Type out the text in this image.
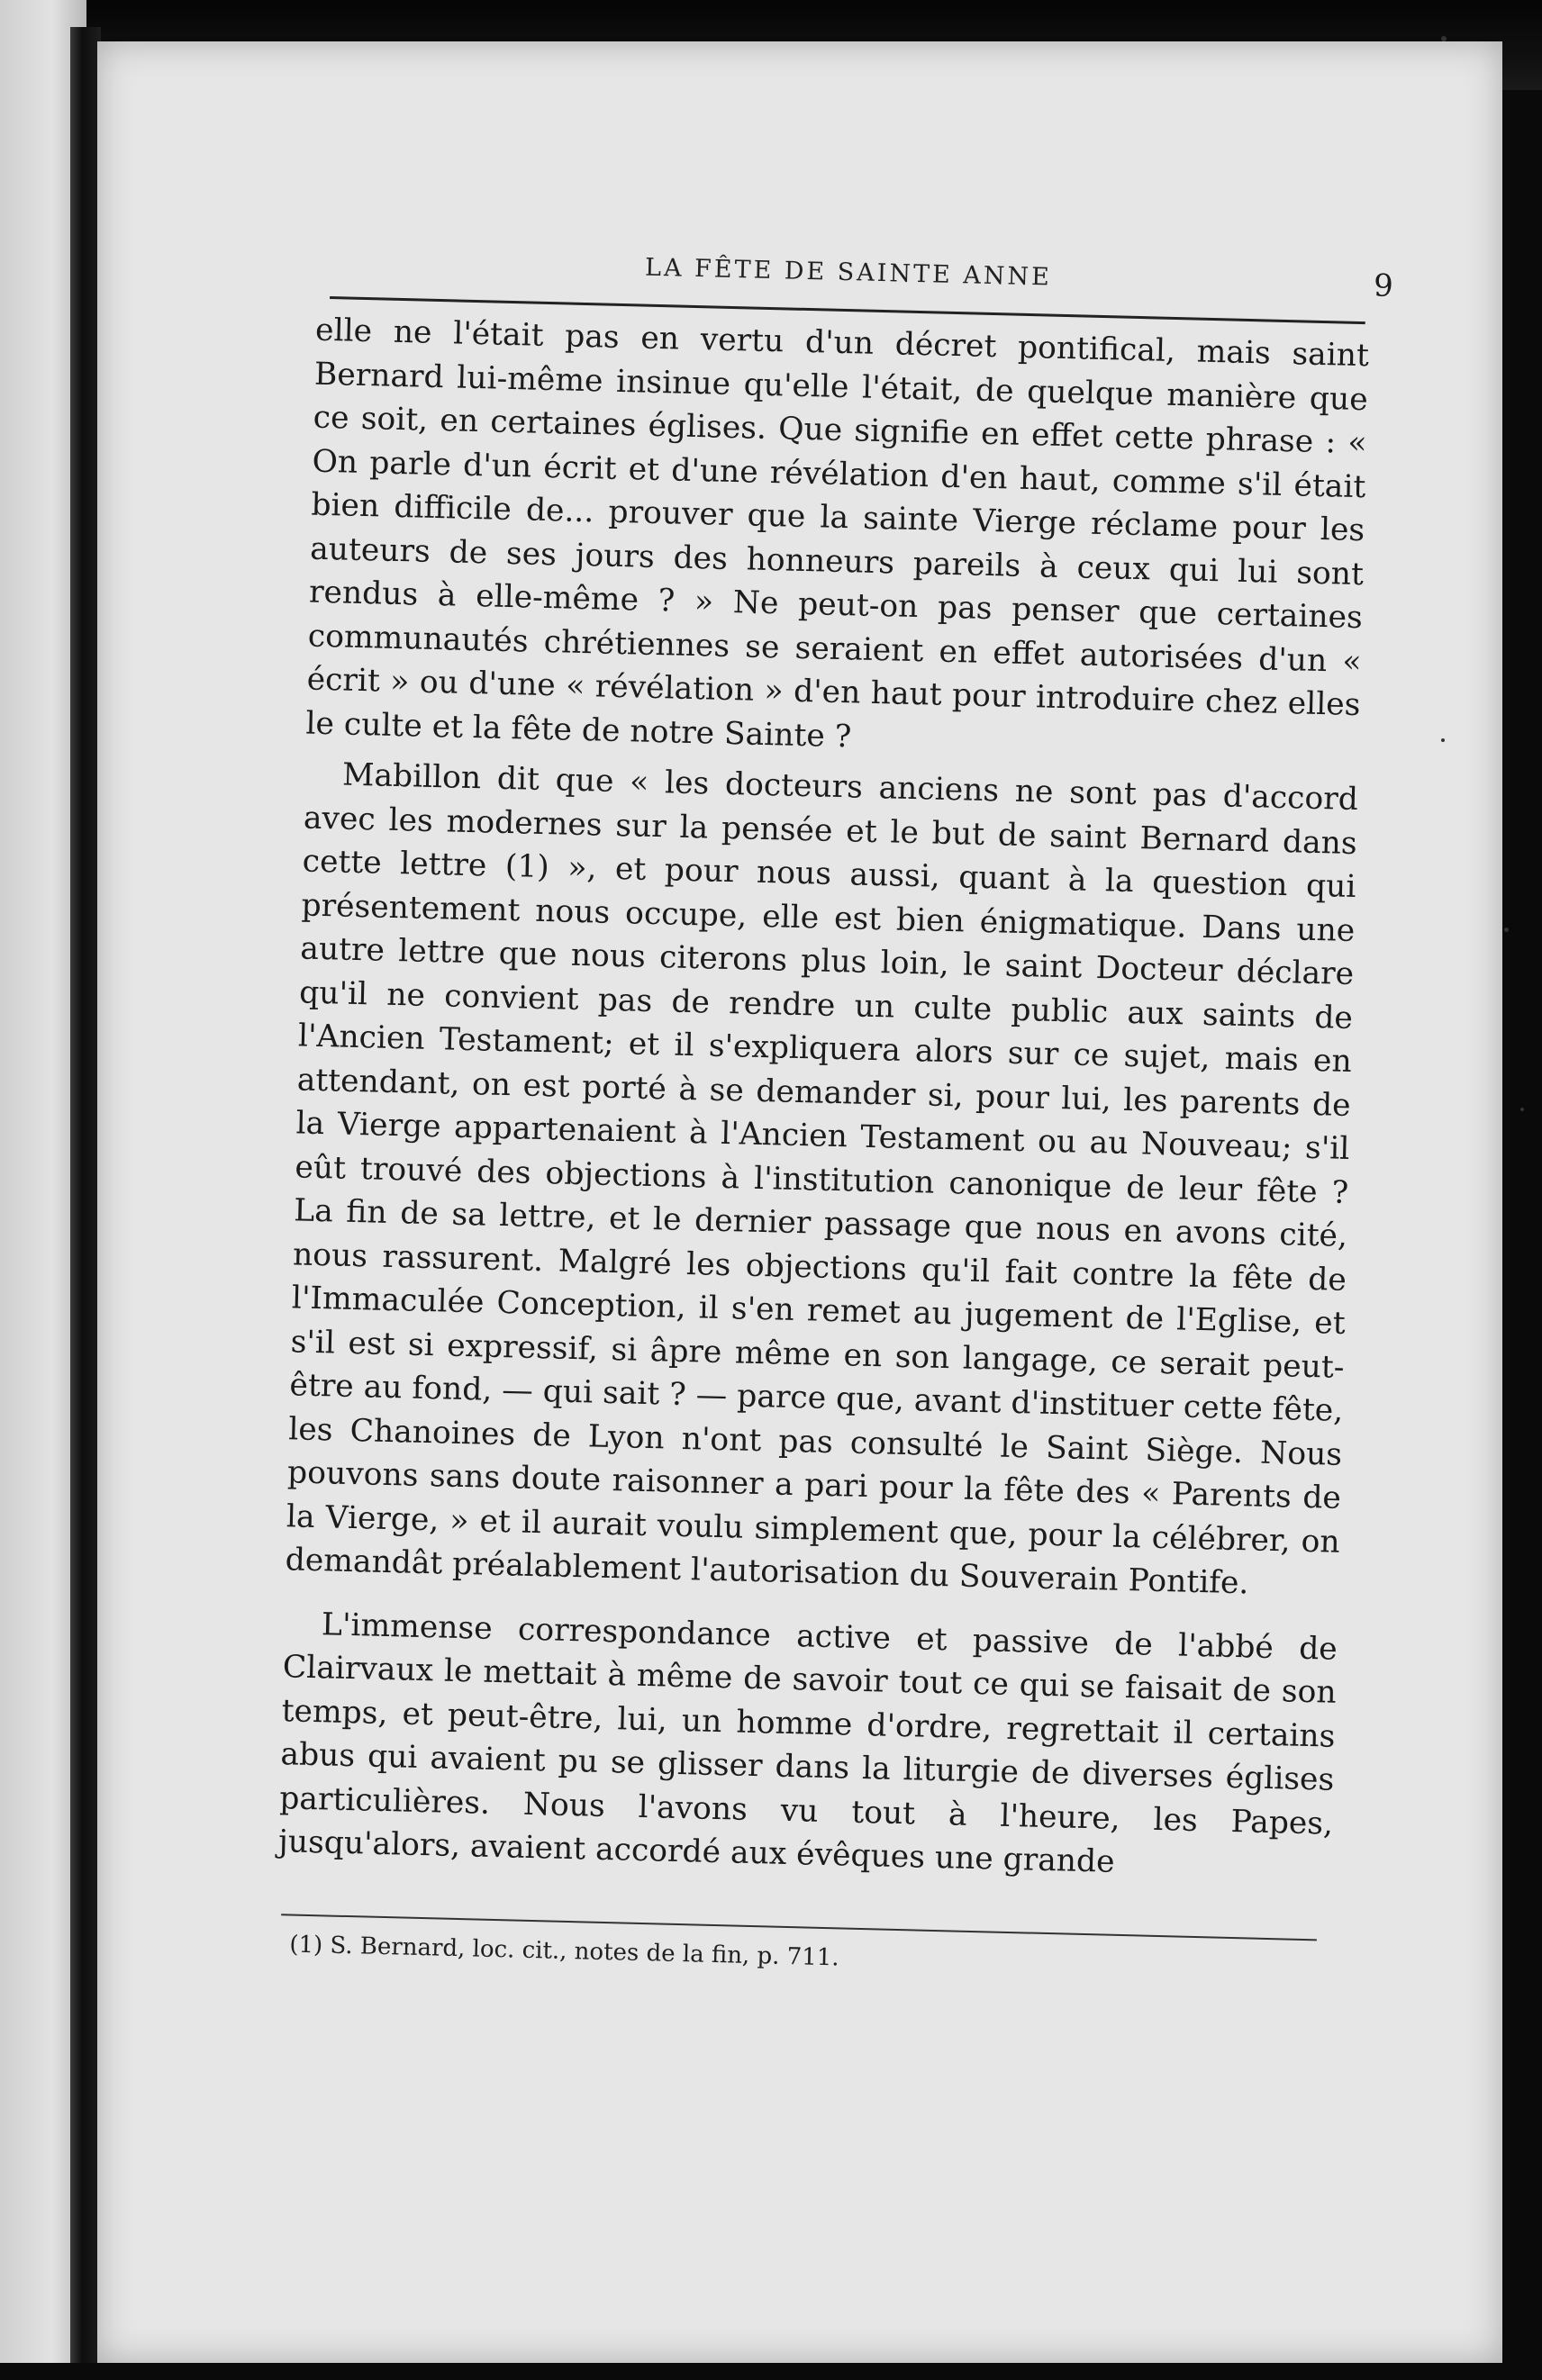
LA FÊTE DE SAINTE ANNE	9

elle ne l'était pas en vertu d'un décret pontifical, mais saint Bernard lui-même insinue qu'elle l'était, de quelque manière que ce soit, en certaines églises. Que signifie en effet cette phrase : « On parle d'un écrit et d'une révélation d'en haut, comme s'il était bien difficile de... prouver que la sainte Vierge réclame pour les auteurs de ses jours des honneurs pareils à ceux qui lui sont rendus à elle-même ? » Ne peut-on pas penser que certaines communautés chrétiennes se seraient en effet autorisées d'un « écrit » ou d'une « révélation » d'en haut pour introduire chez elles le culte et la fête de notre Sainte ?

Mabillon dit que « les docteurs anciens ne sont pas d'accord avec les modernes sur la pensée et le but de saint Bernard dans cette lettre (1) », et pour nous aussi, quant à la question qui présentement nous occupe, elle est bien énigmatique. Dans une autre lettre que nous citerons plus loin, le saint Docteur déclare qu'il ne convient pas de rendre un culte public aux saints de l'Ancien Testament; et il s'expliquera alors sur ce sujet, mais en attendant, on est porté à se demander si, pour lui, les parents de la Vierge appartenaient à l'Ancien Testament ou au Nouveau; s'il eût trouvé des objections à l'institution canonique de leur fête ? La fin de sa lettre, et le dernier passage que nous en avons cité, nous rassurent. Malgré les objections qu'il fait contre la fête de l'Immaculée Conception, il s'en remet au jugement de l'Eglise, et s'il est si expressif, si âpre même en son langage, ce serait peut-être au fond, — qui sait ? — parce que, avant d'instituer cette fête, les Chanoines de Lyon n'ont pas consulté le Saint Siège. Nous pouvons sans doute raisonner a pari pour la fête des « Parents de la Vierge, » et il aurait voulu simplement que, pour la célébrer, on demandât préalablement l'autorisation du Souverain Pontife.

L'immense correspondance active et passive de l'abbé de Clairvaux le mettait à même de savoir tout ce qui se faisait de son temps, et peut-être, lui, un homme d'ordre, regrettait il certains abus qui avaient pu se glisser dans la liturgie de diverses églises particulières. Nous l'avons vu tout à l'heure, les Papes, jusqu'alors, avaient accordé aux évêques une grande

(1) S. Bernard, loc. cit., notes de la fin, p. 711.
